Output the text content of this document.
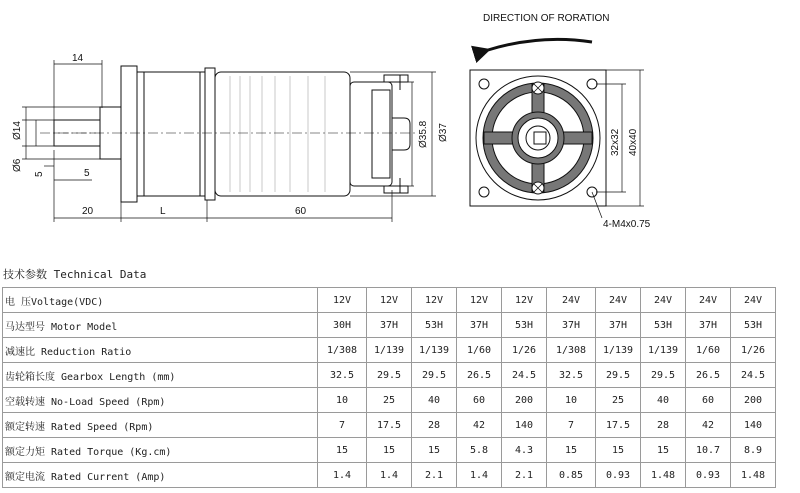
14
Ø14
Ø6
5	5
20	L	60
Ø35.8 Ø37
DIRECTION OF RORATION
32x32 40x40
4-M4x0.75
技术参数 Technical Data
电 压Voltage(VDC)	12V	12V	12V	12V	12V	24V	24V	24V	24V	24V
马达型号 Motor Model	30H	37H	53H	37H	53H	37H	37H	53H	37H	53H
减速比 Reduction Ratio	1/308	1/139	1/139	1/60	1/26	1/308	1/139	1/139	1/60	1/26
齿轮箱长度 Gearbox Length (mm)	32.5	29.5	29.5	26.5	24.5	32.5	29.5	29.5	26.5	24.5
空载转速 No-Load Speed (Rpm)	10	25	40	60	200	10	25	40	60	200
额定转速 Rated Speed (Rpm)	7	17.5	28	42	140	7	17.5	28	42	140
额定力矩 Rated Torque (Kg.cm)	15	15	15	5.8	4.3	15	15	15	10.7	8.9
额定电流 Rated Current (Amp)	1.4	1.4	2.1	1.4	2.1	0.85	0.93	1.48	0.93	1.48
